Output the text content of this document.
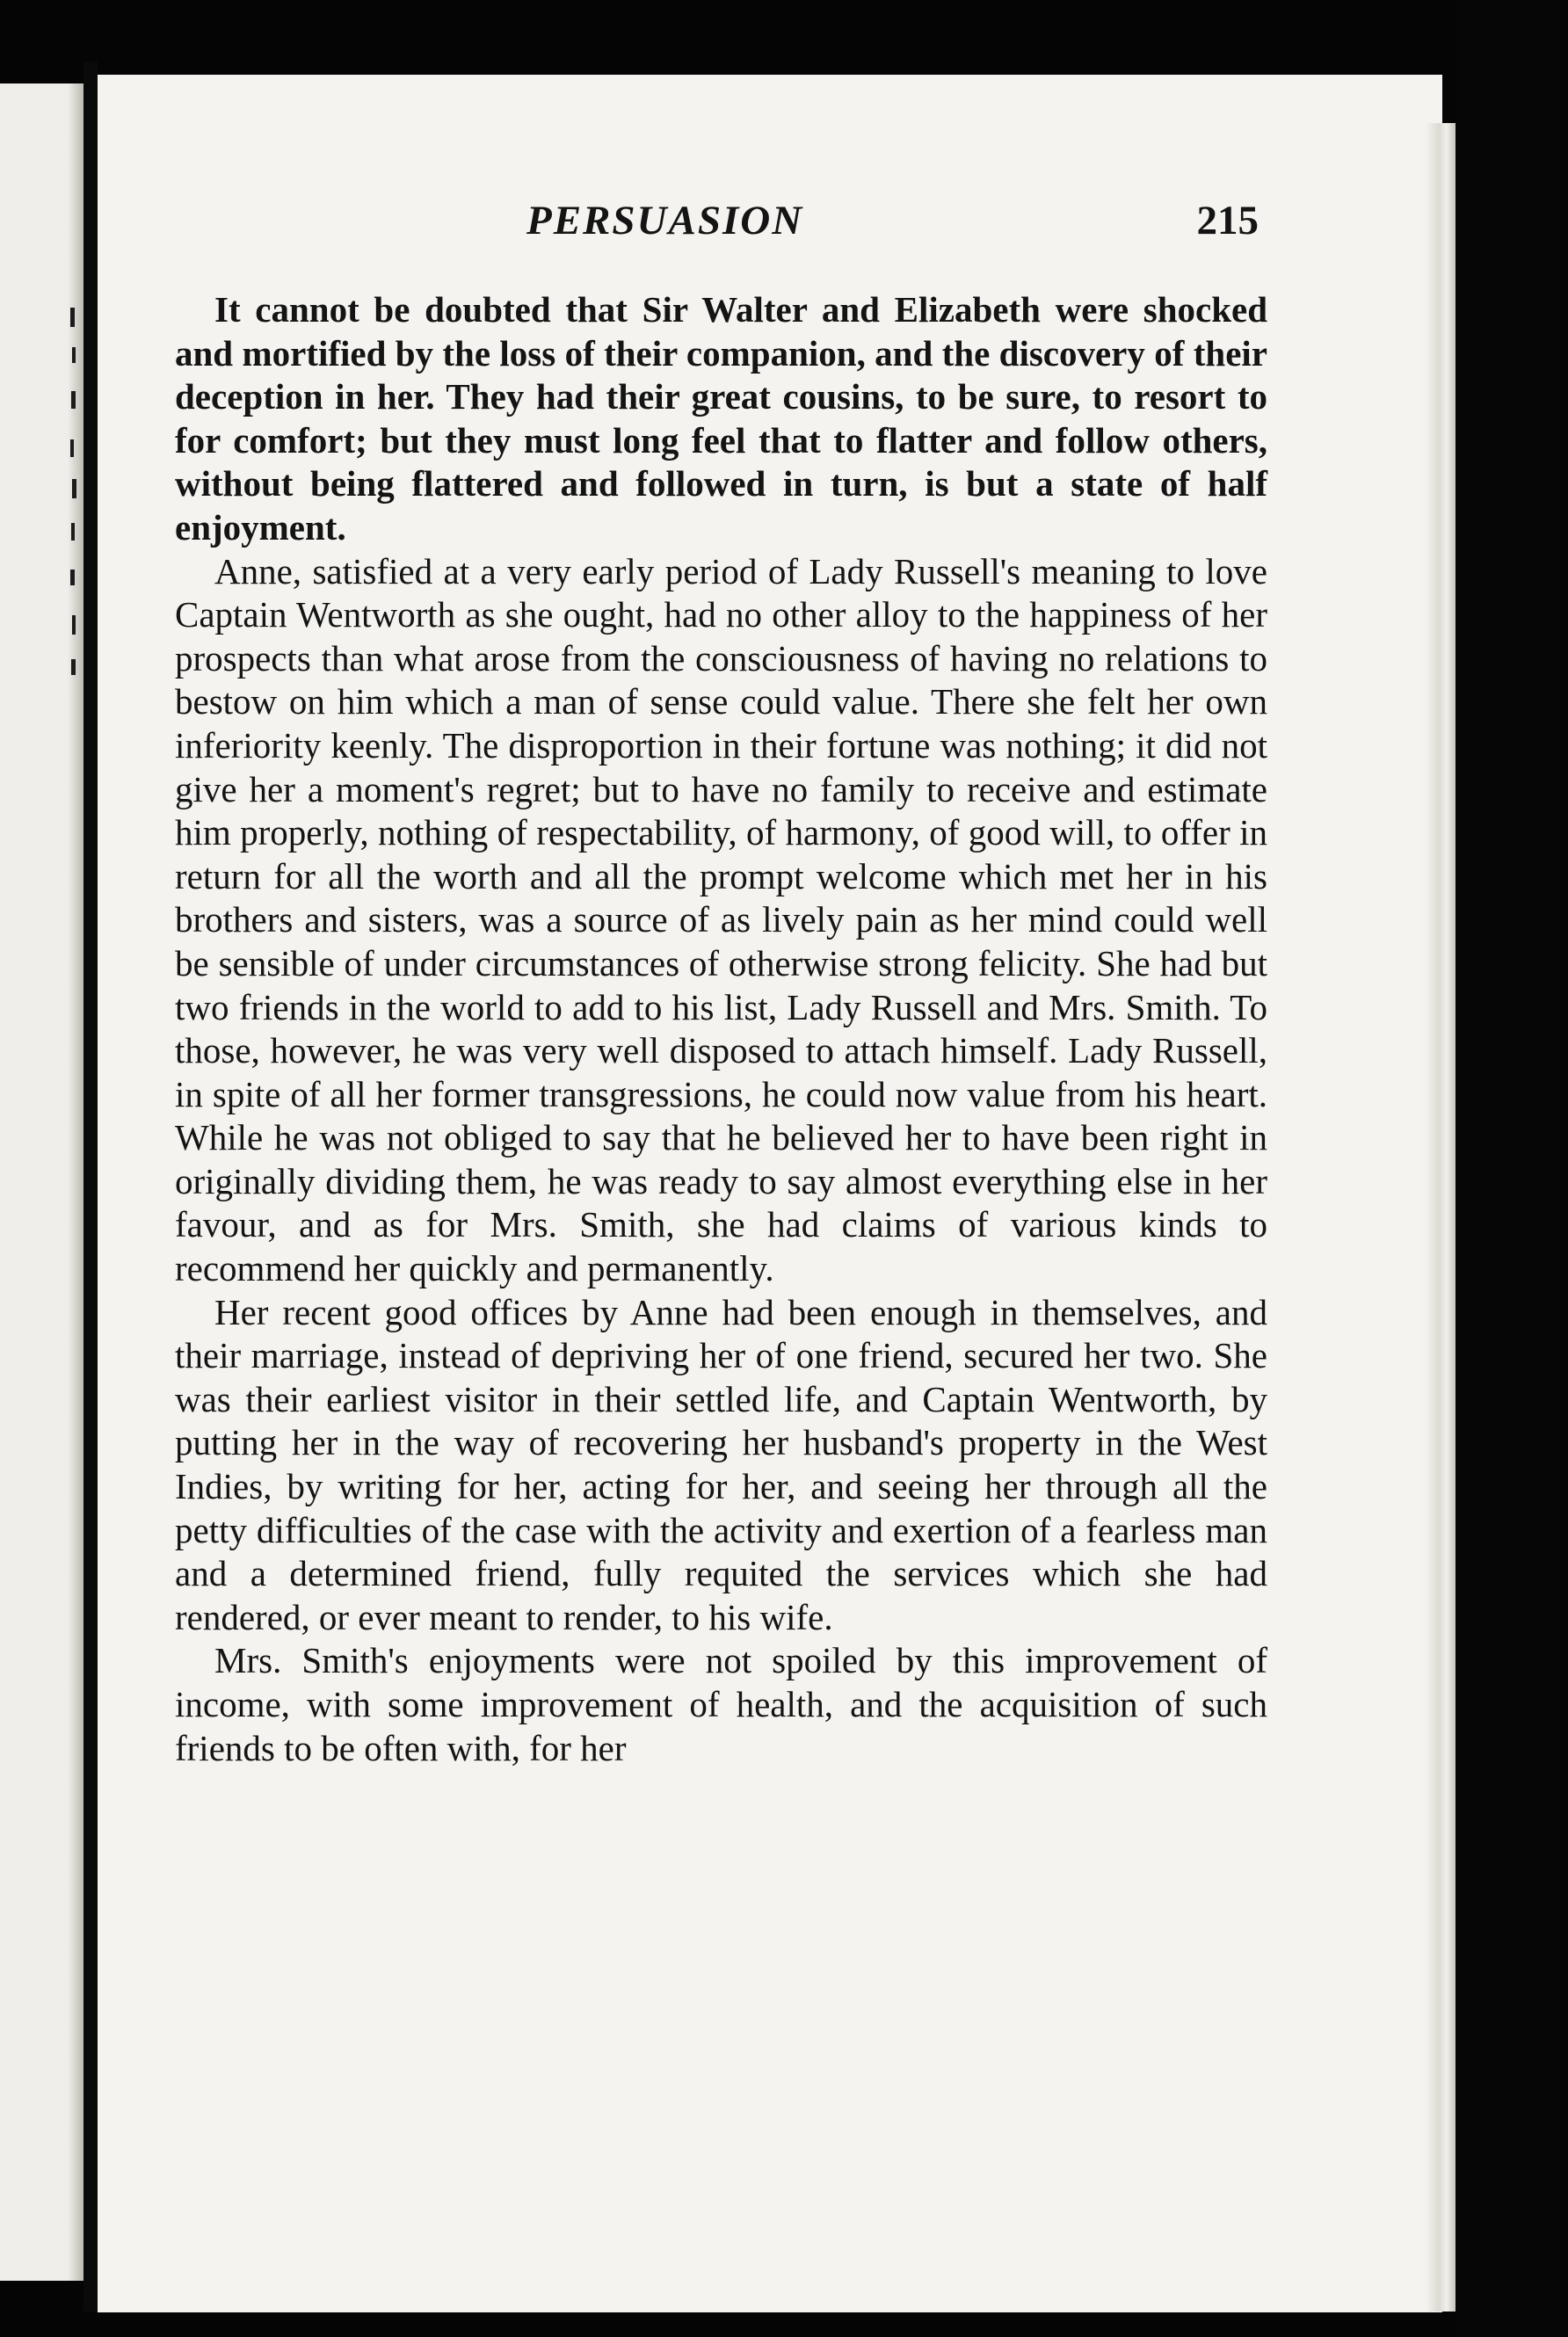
PERSUASION	215

It cannot be doubted that Sir Walter and Elizabeth were shocked and mortified by the loss of their companion, and the discovery of their deception in her. They had their great cousins, to be sure, to resort to for comfort; but they must long feel that to flatter and follow others, without being flattered and followed in turn, is but a state of half enjoyment.

Anne, satisfied at a very early period of Lady Russell's meaning to love Captain Wentworth as she ought, had no other alloy to the happiness of her prospects than what arose from the consciousness of having no relations to bestow on him which a man of sense could value. There she felt her own inferiority keenly. The disproportion in their fortune was nothing; it did not give her a moment's regret; but to have no family to receive and estimate him properly, nothing of respectability, of harmony, of good will, to offer in return for all the worth and all the prompt welcome which met her in his brothers and sisters, was a source of as lively pain as her mind could well be sensible of under circumstances of otherwise strong felicity. She had but two friends in the world to add to his list, Lady Russell and Mrs. Smith. To those, however, he was very well disposed to attach himself. Lady Russell, in spite of all her former transgressions, he could now value from his heart. While he was not obliged to say that he believed her to have been right in originally dividing them, he was ready to say almost everything else in her favour, and as for Mrs. Smith, she had claims of various kinds to recommend her quickly and permanently.

Her recent good offices by Anne had been enough in themselves, and their marriage, instead of depriving her of one friend, secured her two. She was their earliest visitor in their settled life, and Captain Wentworth, by putting her in the way of recovering her husband's property in the West Indies, by writing for her, acting for her, and seeing her through all the petty difficulties of the case with the activity and exertion of a fearless man and a determined friend, fully requited the services which she had rendered, or ever meant to render, to his wife.

Mrs. Smith's enjoyments were not spoiled by this improvement of income, with some improvement of health, and the acquisition of such friends to be often with, for her
